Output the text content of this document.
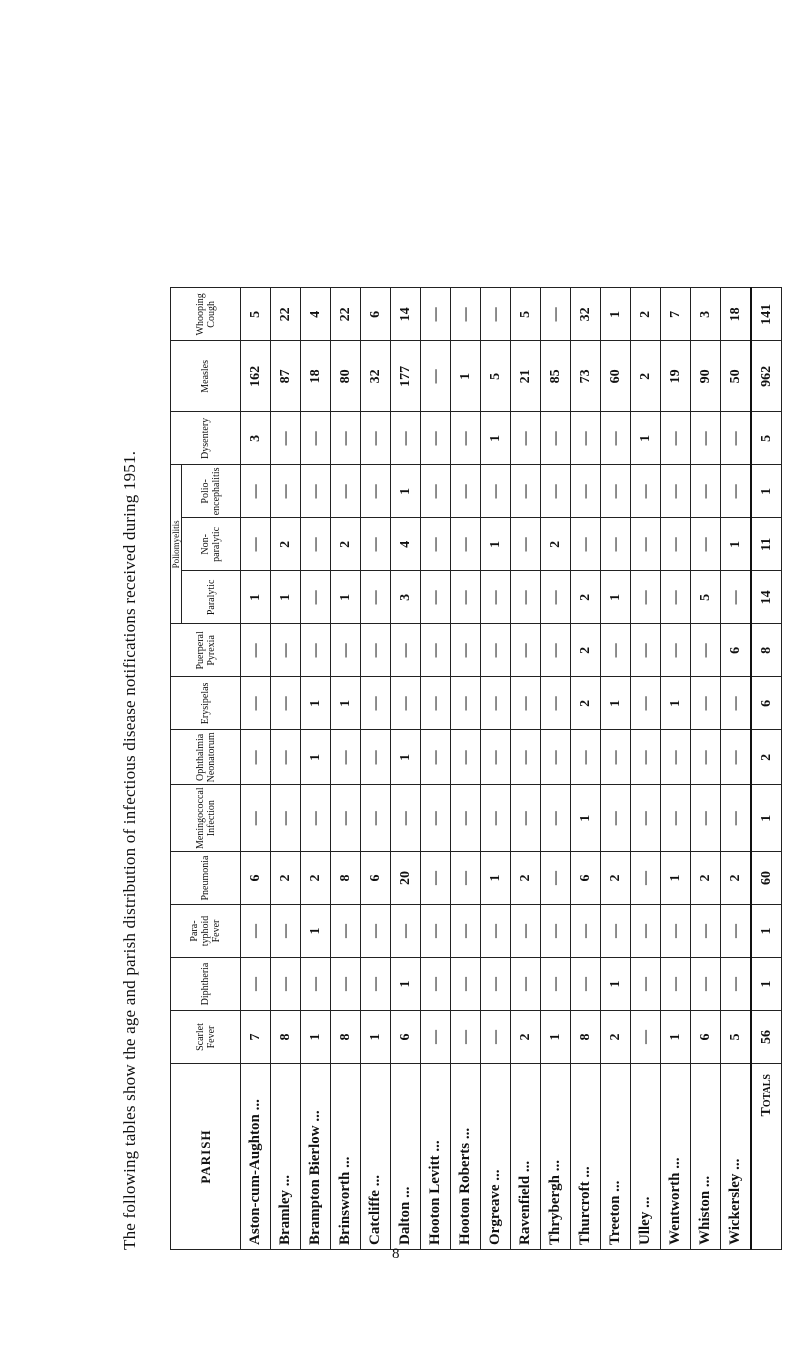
The following tables show the age and parish distribution of infectious disease notifications received during 1951.	PARISH	Scarlet Fever	Diphtheria	Para-typhoid Fever	Pneumonia	Meningococcal Infection	Ophthalmia Neonatorum	Erysipelas	Puerperal Pyrexia	Poliomyelitis			Dysentery	Measles	Whooping Cough
									Paralytic	Non-paralytic	Polio-encephalitis			
Aston-cum-Aughton ...	7	—	—	6	—	—	—	—	1	—	—	3	162	5
Bramley ...	8	—	—	2	—	—	—	—	1	2	—	—	87	22
Brampton Bierlow ...	1	—	1	2	—	1	1	—	—	—	—	—	18	4
Brinsworth ...	8	—	—	8	—	—	1	—	1	2	—	—	80	22
Catcliffe ...	1	—	—	6	—	—	—	—	—	—	—	—	32	6
Dalton ...	6	1	—	20	—	1	—	—	3	4	1	—	177	14
Hooton Levitt ...	—	—	—	—	—	—	—	—	—	—	—	—	—	—
Hooton Roberts ...	—	—	—	—	—	—	—	—	—	—	—	—	1	—
Orgreave ...	—	—	—	1	—	—	—	—	—	1	—	1	5	—
Ravenfield ...	2	—	—	2	—	—	—	—	—	—	—	—	21	5
Thrybergh ...	1	—	—	—	—	—	—	—	—	2	—	—	85	—
Thurcroft ...	8	—	—	6	1	—	2	2	2	—	—	—	73	32
Treeton ...	2	1	—	2	—	—	1	—	1	—	—	—	60	1
Ulley ...	—	—	—	—	—	—	—	—	—	—	—	1	2	2
Wentworth ...	1	—	—	1	—	—	1	—	—	—	—	—	19	7
Whiston ...	6	—	—	2	—	—	—	—	5	—	—	—	90	3
Wickersley ...	5	—	—	2	—	—	—	6	—	1	—	—	50	18
Totals	56	1	1	60	1	2	6	8	14	11	1	5	962	141
8
